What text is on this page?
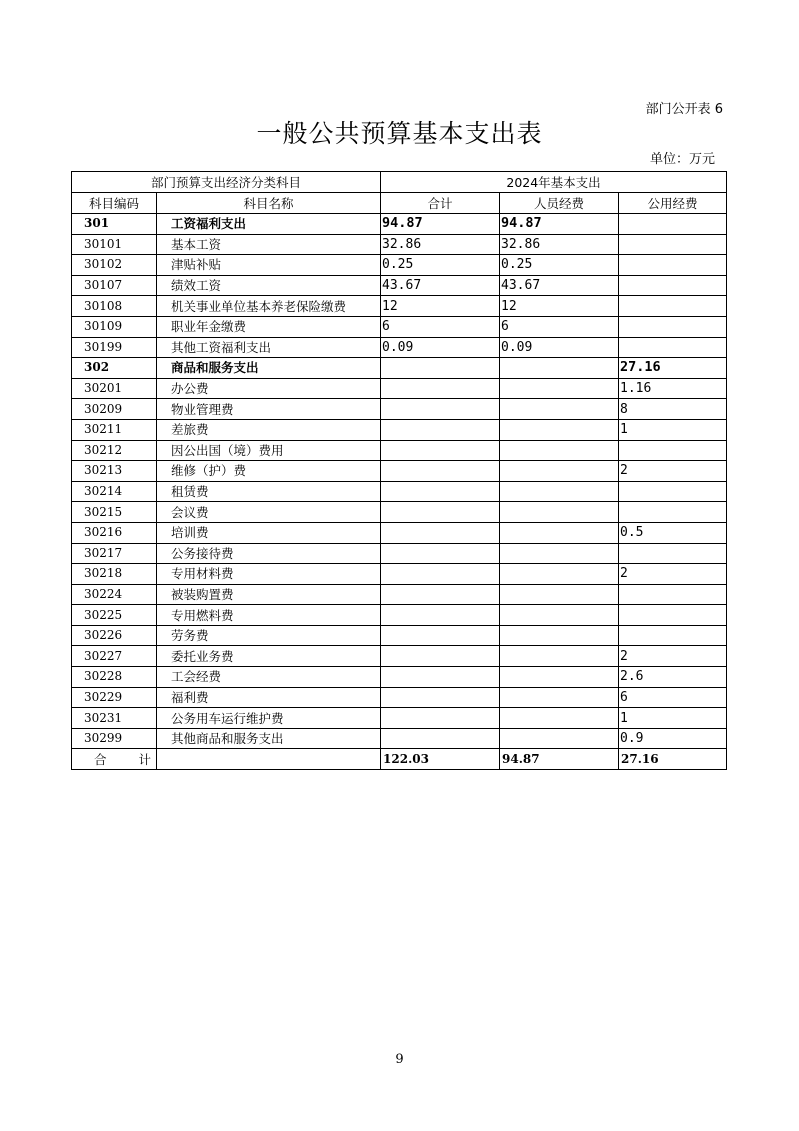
部门公开表 6
一般公共预算基本支出表
单位：万元
部门预算支出经济分类科目		2024年基本支出		
科目编码	科目名称	合计	人员经费	公用经费
301	工资福利支出	94.87	94.87	
30101	基本工资	32.86	32.86	
30102	津贴补贴	0.25	0.25	
30107	绩效工资	43.67	43.67	
30108	机关事业单位基本养老保险缴费	12	12	
30109	职业年金缴费	6	6	
30199	其他工资福利支出	0.09	0.09	
302	商品和服务支出			27.16
30201	办公费			1.16
30209	物业管理费			8
30211	差旅费			1
30212	因公出国（境）费用			
30213	维修（护）费			2
30214	租赁费			
30215	会议费			
30216	培训费			0.5
30217	公务接待费			
30218	专用材料费			2
30224	被装购置费			
30225	专用燃料费			
30226	劳务费			
30227	委托业务费			2
30228	工会经费			2.6
30229	福利费			6
30231	公务用车运行维护费			1
30299	其他商品和服务支出			0.9
合 计		122.03	94.87	27.16
9
